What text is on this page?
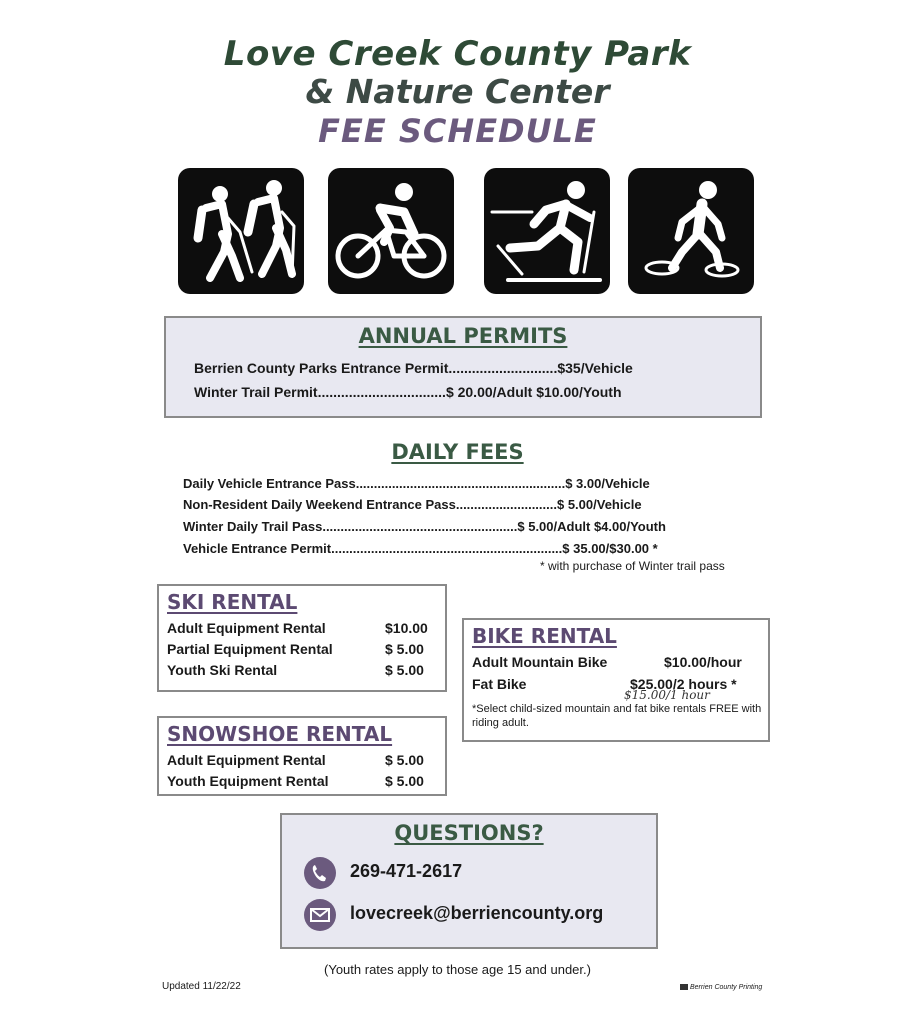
Love Creek County Park
& Nature Center
FEE SCHEDULE
ANNUAL PERMITS
Berrien County Parks Entrance Permit............................$35/Vehicle
Winter Trail Permit.................................$ 20.00/Adult $10.00/Youth
DAILY FEES
Daily Vehicle Entrance Pass..........................................................$ 3.00/Vehicle
Non-Resident Daily Weekend Entrance Pass............................$ 5.00/Vehicle
Winter Daily Trail Pass......................................................$ 5.00/Adult $4.00/Youth
Vehicle Entrance Permit................................................................$ 35.00/$30.00 *
* with purchase of Winter trail pass
SKI RENTAL
Adult Equipment Rental	$10.00
Partial Equipment Rental	$ 5.00
Youth Ski Rental	$ 5.00
BIKE RENTAL
Adult Mountain Bike	$10.00/hour
Fat Bike	$25.00/2 hours *
$15.00/1 hour
*Select child-sized mountain and fat bike rentals FREE with riding adult.
SNOWSHOE RENTAL
Adult Equipment Rental	$ 5.00
Youth Equipment Rental	$ 5.00
QUESTIONS?
269-471-2617
lovecreek@berriencounty.org
(Youth rates apply to those age 15 and under.)
Updated 11/22/22	Berrien County Printing
